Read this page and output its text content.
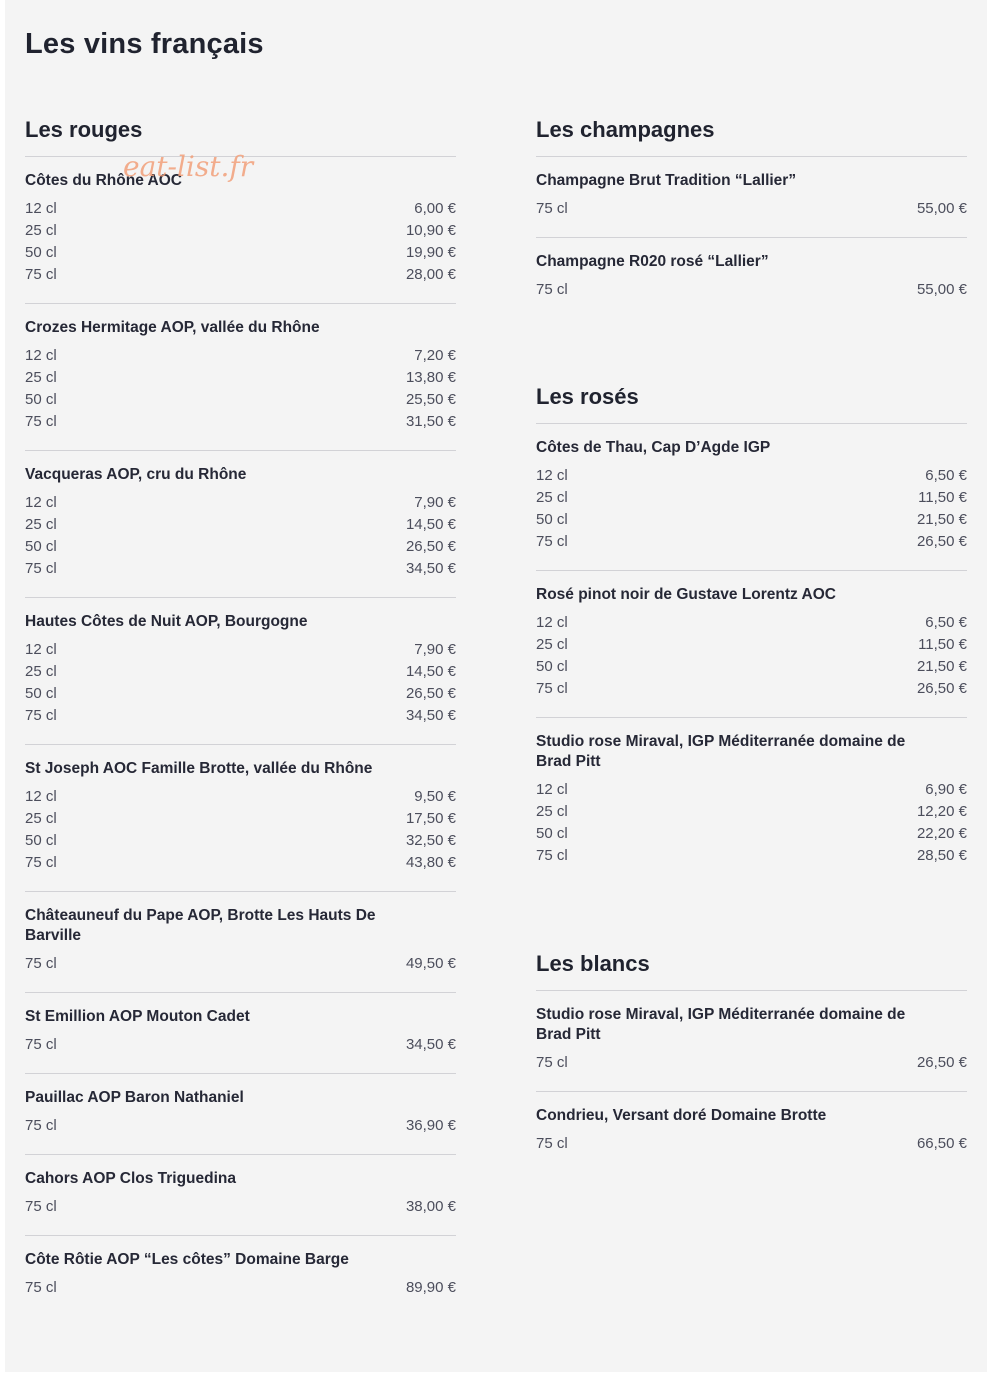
Les vins français
eat-list.fr
Les rouges
Côtes du Rhône AOC
12 cl	6,00 €
25 cl	10,90 €
50 cl	19,90 €
75 cl	28,00 €
Crozes Hermitage AOP, vallée du Rhône
12 cl	7,20 €
25 cl	13,80 €
50 cl	25,50 €
75 cl	31,50 €
Vacqueras AOP, cru du Rhône
12 cl	7,90 €
25 cl	14,50 €
50 cl	26,50 €
75 cl	34,50 €
Hautes Côtes de Nuit AOP, Bourgogne
12 cl	7,90 €
25 cl	14,50 €
50 cl	26,50 €
75 cl	34,50 €
St Joseph AOC Famille Brotte, vallée du Rhône
12 cl	9,50 €
25 cl	17,50 €
50 cl	32,50 €
75 cl	43,80 €
Châteauneuf du Pape AOP, Brotte Les Hauts De Barville
75 cl	49,50 €
St Emillion AOP Mouton Cadet
75 cl	34,50 €
Pauillac AOP Baron Nathaniel
75 cl	36,90 €
Cahors AOP Clos Triguedina
75 cl	38,00 €
Côte Rôtie AOP “Les côtes” Domaine Barge
75 cl	89,90 €
Les champagnes
Champagne Brut Tradition “Lallier”
75 cl	55,00 €
Champagne R020 rosé “Lallier”
75 cl	55,00 €
Les rosés
Côtes de Thau, Cap D’Agde IGP
12 cl	6,50 €
25 cl	11,50 €
50 cl	21,50 €
75 cl	26,50 €
Rosé pinot noir de Gustave Lorentz AOC
12 cl	6,50 €
25 cl	11,50 €
50 cl	21,50 €
75 cl	26,50 €
Studio rose Miraval, IGP Méditerranée domaine de Brad Pitt
12 cl	6,90 €
25 cl	12,20 €
50 cl	22,20 €
75 cl	28,50 €
Les blancs
Studio rose Miraval, IGP Méditerranée domaine de Brad Pitt
75 cl	26,50 €
Condrieu, Versant doré Domaine Brotte
75 cl	66,50 €
